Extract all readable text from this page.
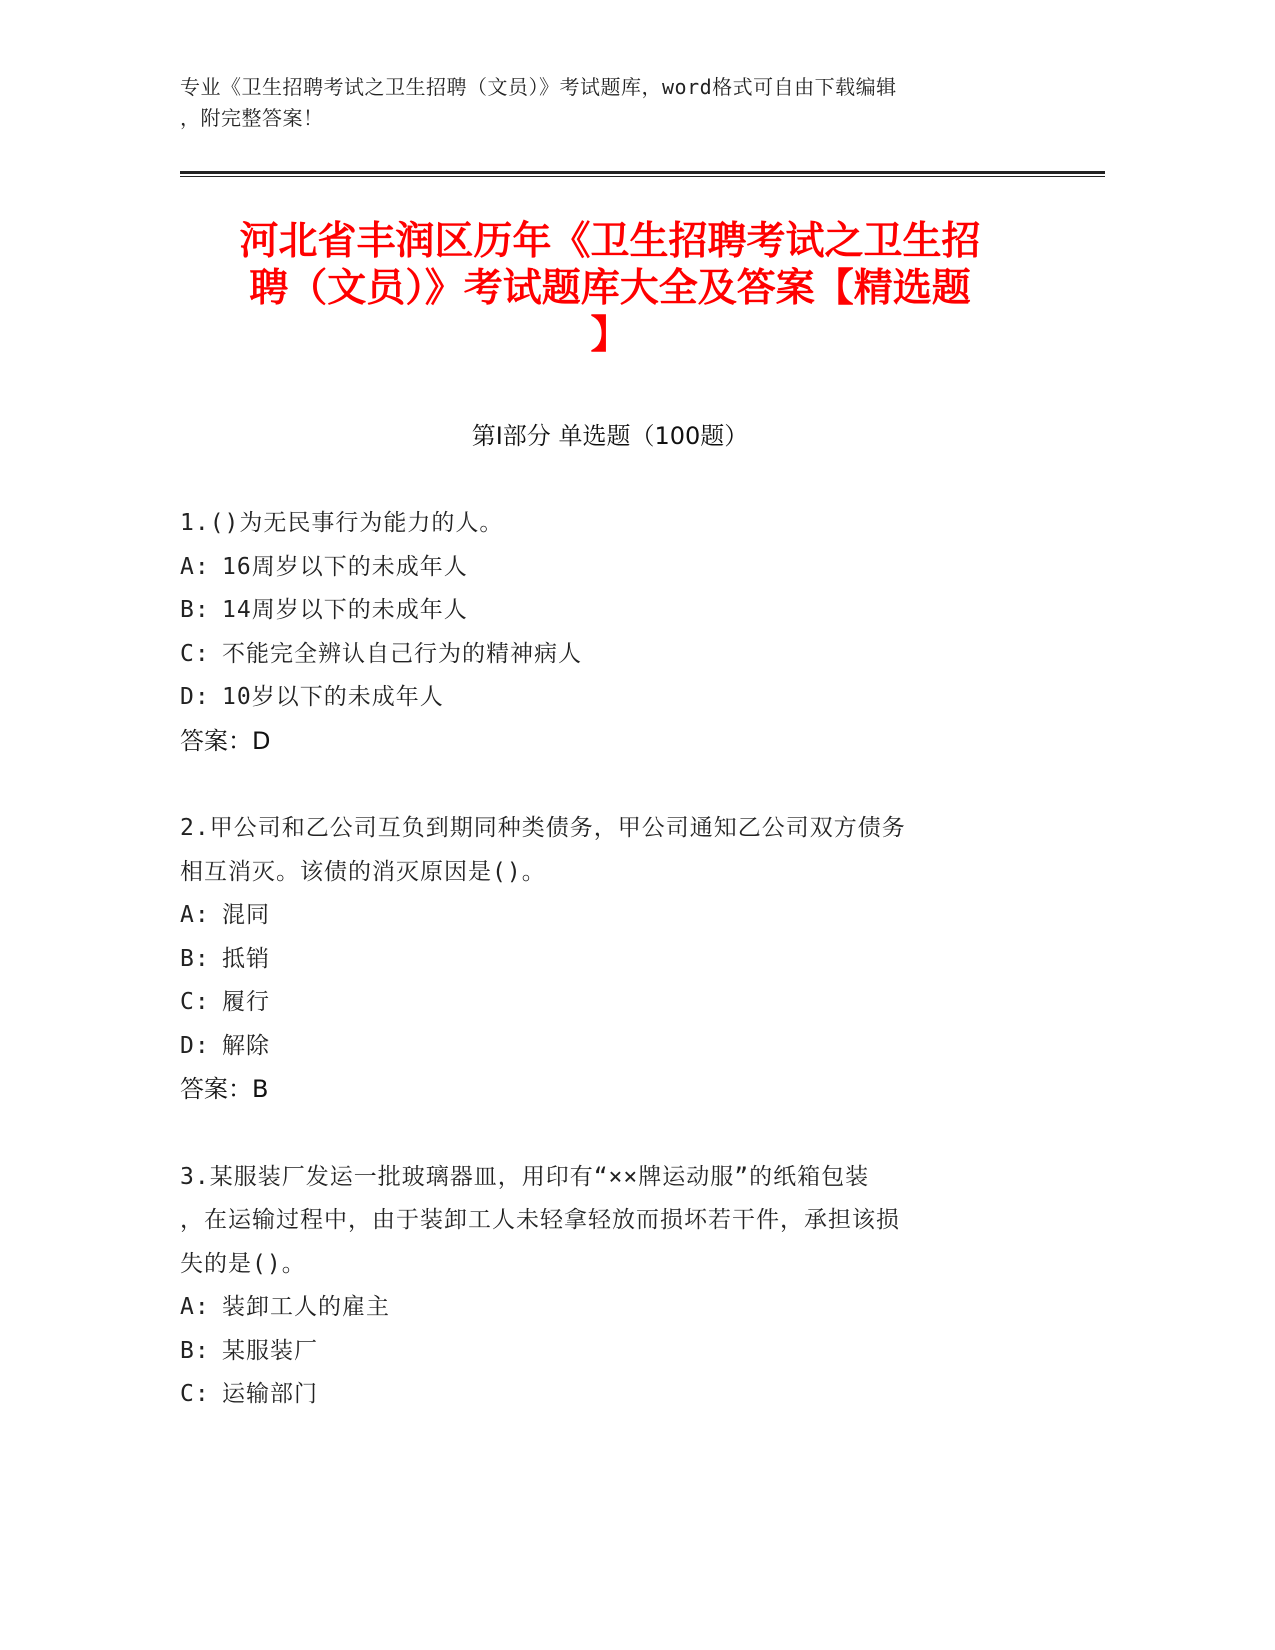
专业《卫生招聘考试之卫生招聘（文员）》考试题库，word格式可自由下载编辑
，附完整答案！
河北省丰润区历年《卫生招聘考试之卫生招
聘（文员）》考试题库大全及答案【精选题
】
第Ⅰ部分 单选题（100题）
1.()为无民事行为能力的人。
A: 16周岁以下的未成年人
B: 14周岁以下的未成年人
C: 不能完全辨认自己行为的精神病人
D: 10岁以下的未成年人
答案：D
2.甲公司和乙公司互负到期同种类债务，甲公司通知乙公司双方债务
相互消灭。该债的消灭原因是()。
A: 混同
B: 抵销
C: 履行
D: 解除
答案：B
3.某服装厂发运一批玻璃器皿，用印有“××牌运动服”的纸箱包装
，在运输过程中，由于装卸工人未轻拿轻放而损坏若干件，承担该损
失的是()。
A: 装卸工人的雇主
B: 某服装厂
C: 运输部门
